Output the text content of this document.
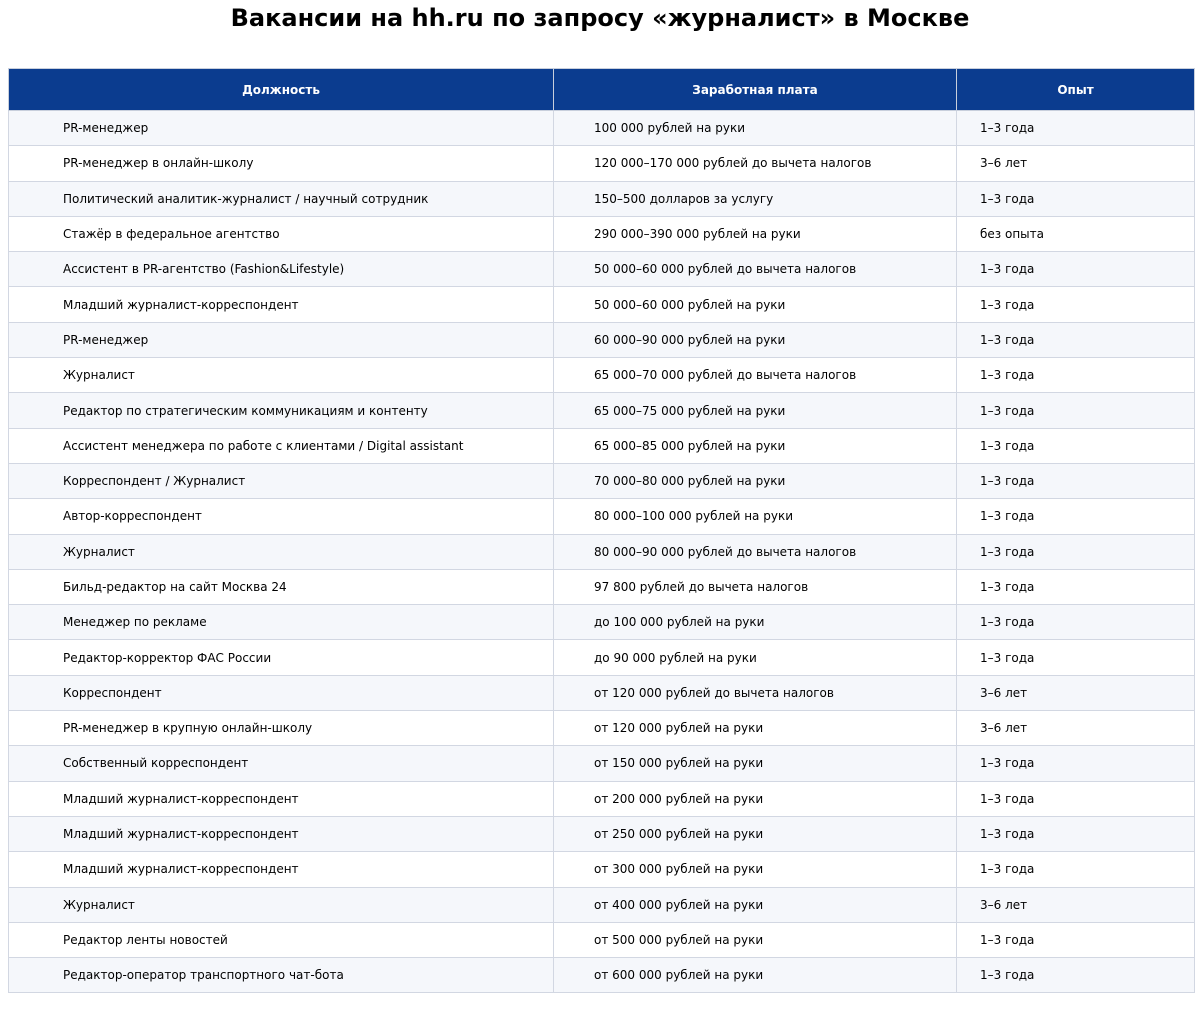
Вакансии на hh.ru по запросу «журналист» в Москве
Должность	Заработная плата	Опыт
PR-менеджер	100 000 рублей на руки	1–3 года
PR-менеджер в онлайн-школу	120 000–170 000 рублей до вычета налогов	3–6 лет
Политический аналитик-журналист / научный сотрудник	150–500 долларов за услугу	1–3 года
Стажёр в федеральное агентство	290 000–390 000 рублей на руки	без опыта
Ассистент в PR-агентство (Fashion&Lifestyle)	50 000–60 000 рублей до вычета налогов	1–3 года
Младший журналист-корреспондент	50 000–60 000 рублей на руки	1–3 года
PR-менеджер	60 000–90 000 рублей на руки	1–3 года
Журналист	65 000–70 000 рублей до вычета налогов	1–3 года
Редактор по стратегическим коммуникациям и контенту	65 000–75 000 рублей на руки	1–3 года
Ассистент менеджера по работе с клиентами / Digital assistant	65 000–85 000 рублей на руки	1–3 года
Корреспондент / Журналист	70 000–80 000 рублей на руки	1–3 года
Автор-корреспондент	80 000–100 000 рублей на руки	1–3 года
Журналист	80 000–90 000 рублей до вычета налогов	1–3 года
Бильд-редактор на сайт Москва 24	97 800 рублей до вычета налогов	1–3 года
Менеджер по рекламе	до 100 000 рублей на руки	1–3 года
Редактор-корректор ФАС России	до 90 000 рублей на руки	1–3 года
Корреспондент	от 120 000 рублей до вычета налогов	3–6 лет
PR-менеджер в крупную онлайн-школу	от 120 000 рублей на руки	3–6 лет
Собственный корреспондент	от 150 000 рублей на руки	1–3 года
Младший журналист-корреспондент	от 200 000 рублей на руки	1–3 года
Младший журналист-корреспондент	от 250 000 рублей на руки	1–3 года
Младший журналист-корреспондент	от 300 000 рублей на руки	1–3 года
Журналист	от 400 000 рублей на руки	3–6 лет
Редактор ленты новостей	от 500 000 рублей на руки	1–3 года
Редактор-оператор транспортного чат-бота	от 600 000 рублей на руки	1–3 года
